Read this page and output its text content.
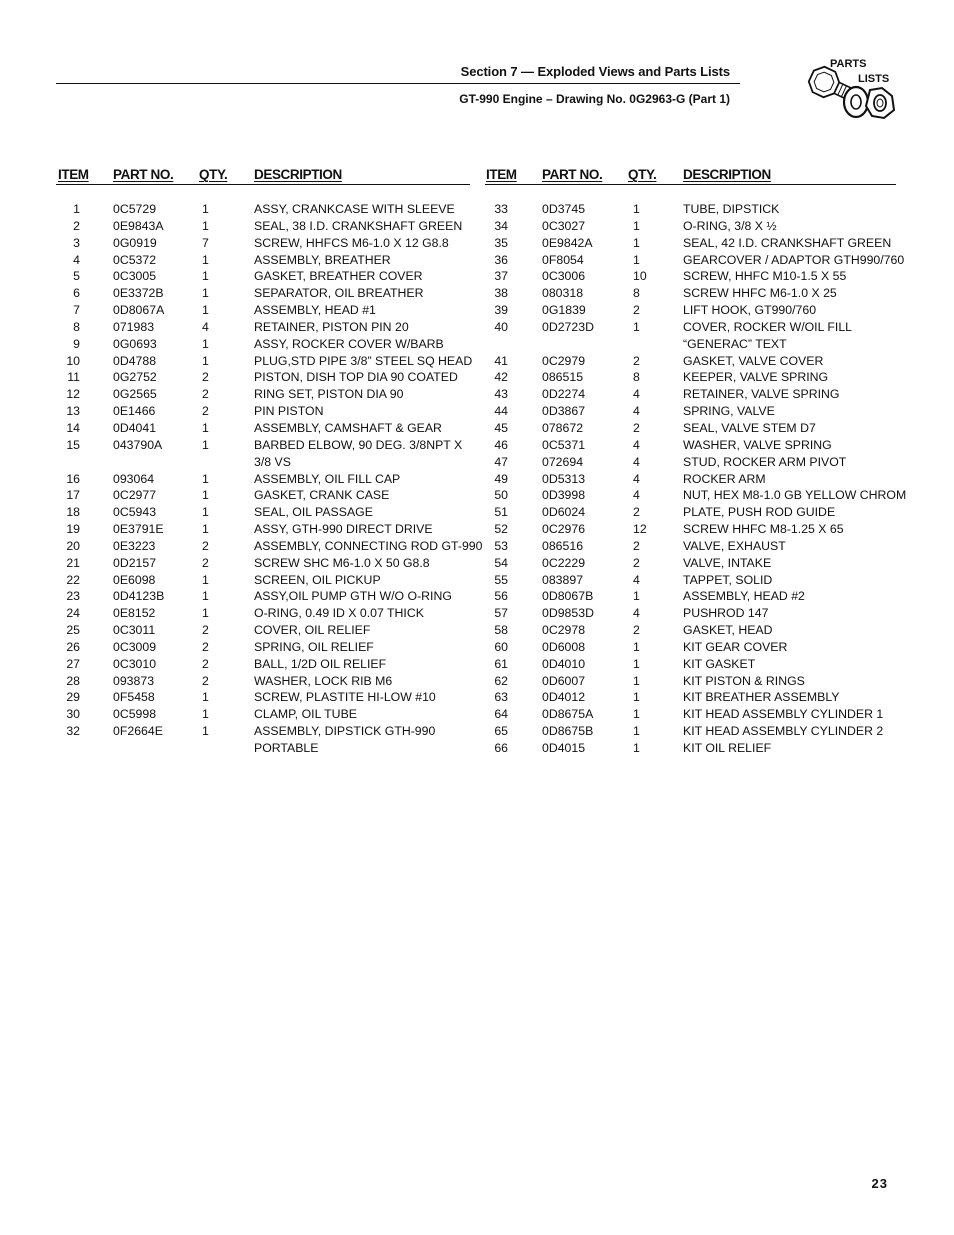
Section 7 — Exploded Views and Parts Lists
GT-990 Engine – Drawing No. 0G2963-G (Part 1)
PARTS
LISTS
ITEM PART NO. QTY. DESCRIPTION
1	0C5729	1	ASSY, CRANKCASE WITH SLEEVE
2	0E9843A	1	SEAL, 38 I.D. CRANKSHAFT GREEN
3	0G0919	7	SCREW, HHFCS M6-1.0 X 12 G8.8
4	0C5372	1	ASSEMBLY, BREATHER
5	0C3005	1	GASKET, BREATHER COVER
6	0E3372B	1	SEPARATOR, OIL BREATHER
7	0D8067A	1	ASSEMBLY, HEAD #1
8	071983	4	RETAINER, PISTON PIN 20
9	0G0693	1	ASSY, ROCKER COVER W/BARB
10	0D4788	1	PLUG,STD PIPE 3/8” STEEL SQ HEAD
11	0G2752	2	PISTON, DISH TOP DIA 90 COATED
12	0G2565	2	RING SET, PISTON DIA 90
13	0E1466	2	PIN PISTON
14	0D4041	1	ASSEMBLY, CAMSHAFT & GEAR
15	043790A	1	BARBED ELBOW, 90 DEG. 3/8NPT X
3/8 VS
16	093064	1	ASSEMBLY, OIL FILL CAP
17	0C2977	1	GASKET, CRANK CASE
18	0C5943	1	SEAL, OIL PASSAGE
19	0E3791E	1	ASSY, GTH-990 DIRECT DRIVE
20	0E3223	2	ASSEMBLY, CONNECTING ROD GT-990
21	0D2157	2	SCREW SHC M6-1.0 X 50 G8.8
22	0E6098	1	SCREEN, OIL PICKUP
23	0D4123B	1	ASSY,OIL PUMP GTH W/O O-RING
24	0E8152	1	O-RING, 0.49 ID X 0.07 THICK
25	0C3011	2	COVER, OIL RELIEF
26	0C3009	2	SPRING, OIL RELIEF
27	0C3010	2	BALL, 1/2D OIL RELIEF
28	093873	2	WASHER, LOCK RIB M6
29	0F5458	1	SCREW, PLASTITE HI-LOW #10
30	0C5998	1	CLAMP, OIL TUBE
32	0F2664E	1	ASSEMBLY, DIPSTICK GTH-990
PORTABLE
ITEM PART NO. QTY. DESCRIPTION
33	0D3745	1	TUBE, DIPSTICK
34	0C3027	1	O-RING, 3/8 X ½
35	0E9842A	1	SEAL, 42 I.D. CRANKSHAFT GREEN
36	0F8054	1	GEARCOVER / ADAPTOR GTH990/760
37	0C3006	10	SCREW, HHFC M10-1.5 X 55
38	080318	8	SCREW HHFC M6-1.0 X 25
39	0G1839	2	LIFT HOOK, GT990/760
40	0D2723D	1	COVER, ROCKER W/OIL FILL
“GENERAC” TEXT
41	0C2979	2	GASKET, VALVE COVER
42	086515	8	KEEPER, VALVE SPRING
43	0D2274	4	RETAINER, VALVE SPRING
44	0D3867	4	SPRING, VALVE
45	078672	2	SEAL, VALVE STEM D7
46	0C5371	4	WASHER, VALVE SPRING
47	072694	4	STUD, ROCKER ARM PIVOT
49	0D5313	4	ROCKER ARM
50	0D3998	4	NUT, HEX M8-1.0 GB YELLOW CHROM
51	0D6024	2	PLATE, PUSH ROD GUIDE
52	0C2976	12	SCREW HHFC M8-1.25 X 65
53	086516	2	VALVE, EXHAUST
54	0C2229	2	VALVE, INTAKE
55	083897	4	TAPPET, SOLID
56	0D8067B	1	ASSEMBLY, HEAD #2
57	0D9853D	4	PUSHROD 147
58	0C2978	2	GASKET, HEAD
60	0D6008	1	KIT GEAR COVER
61	0D4010	1	KIT GASKET
62	0D6007	1	KIT PISTON & RINGS
63	0D4012	1	KIT BREATHER ASSEMBLY
64	0D8675A	1	KIT HEAD ASSEMBLY CYLINDER 1
65	0D8675B	1	KIT HEAD ASSEMBLY CYLINDER 2
66	0D4015	1	KIT OIL RELIEF
23
